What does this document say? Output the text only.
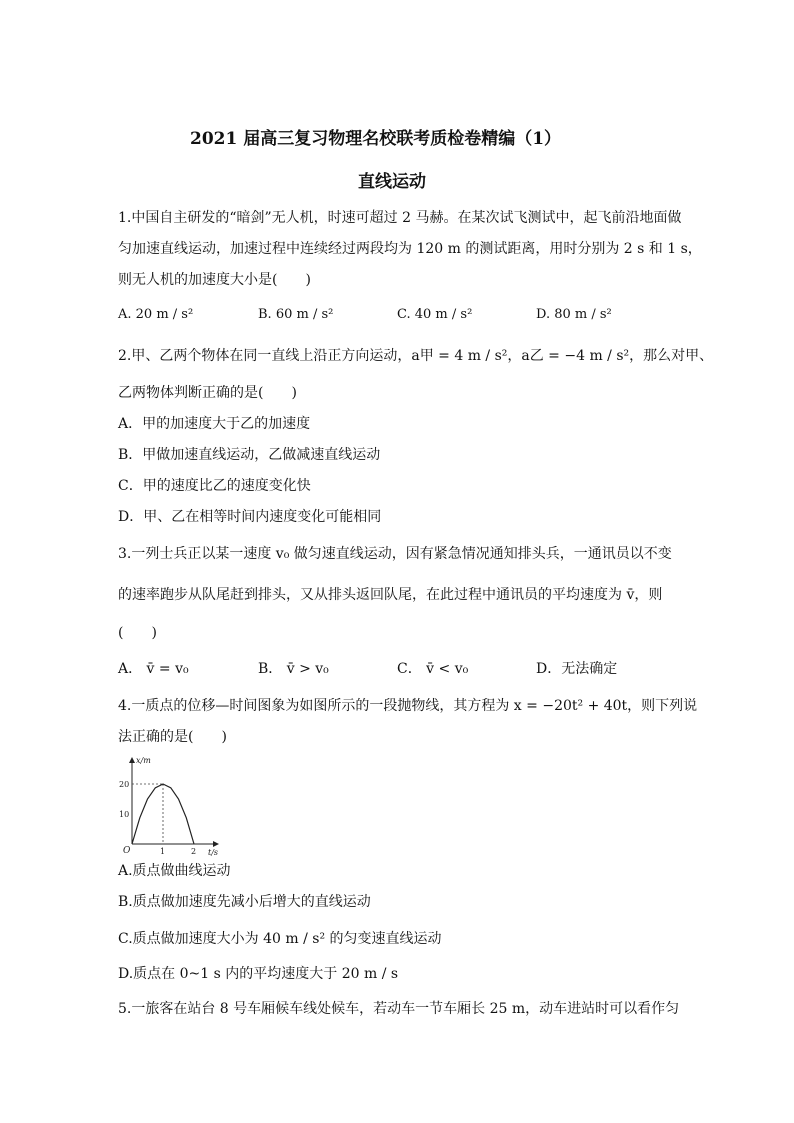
2021 届高三复习物理名校联考质检卷精编（1）
直线运动
1.中国自主研发的“暗剑”无人机，时速可超过 2 马赫。在某次试飞测试中，起飞前沿地面做
匀加速直线运动，加速过程中连续经过两段均为 120 m 的测试距离，用时分别为 2 s 和 1 s，
则无人机的加速度大小是(　　)
A. 20 m / s²	B. 60 m / s²	C. 40 m / s²	D. 80 m / s²
2.甲、乙两个物体在同一直线上沿正方向运动，a甲 = 4 m / s²，a乙 = −4 m / s²，那么对甲、
乙两物体判断正确的是(　　)
A．甲的加速度大于乙的加速度
B．甲做加速直线运动，乙做减速直线运动
C．甲的速度比乙的速度变化快
D．甲、乙在相等时间内速度变化可能相同
3.一列士兵正以某一速度 v₀ 做匀速直线运动，因有紧急情况通知排头兵，一通讯员以不变
的速率跑步从队尾赶到排头，又从排头返回队尾，在此过程中通讯员的平均速度为 v̄，则
(　　)
A． v̄ = v₀	B． v̄ > v₀	C． v̄ < v₀	D．无法确定
4.一质点的位移—时间图象为如图所示的一段抛物线，其方程为 x = −20t² + 40t，则下列说
法正确的是(　　)
x/m
t/s
O	1	2
10
20
A.质点做曲线运动
B.质点做加速度先减小后增大的直线运动
C.质点做加速度大小为 40 m / s² 的匀变速直线运动
D.质点在 0~1 s 内的平均速度大于 20 m / s
5.一旅客在站台 8 号车厢候车线处候车，若动车一节车厢长 25 m，动车进站时可以看作匀
